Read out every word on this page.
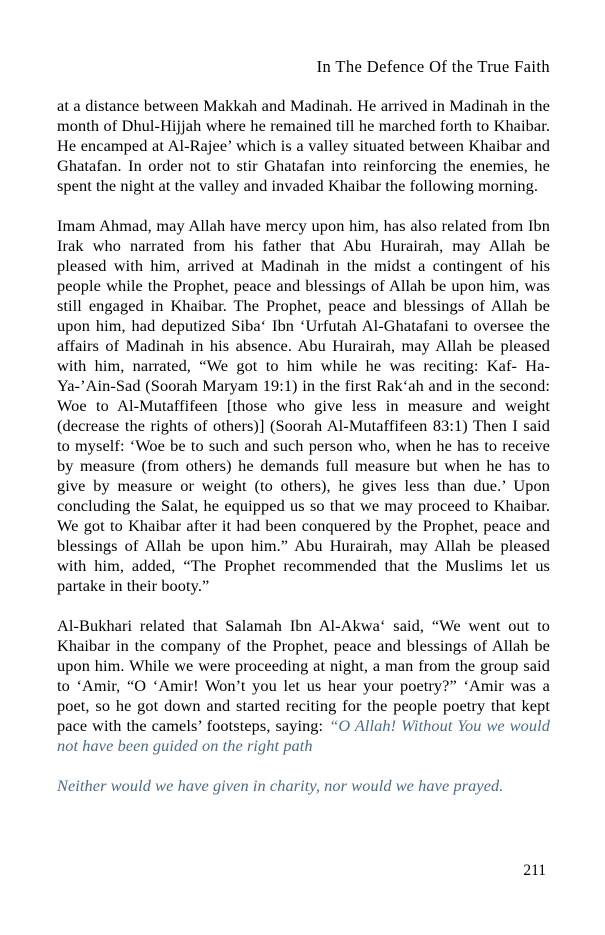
In The Defence Of the True Faith

at a distance between Makkah and Madinah. He arrived in Madinah in the month of Dhul-Hijjah where he remained till he marched forth to Khaibar. He encamped at Al-Rajee’ which is a valley situated between Khaibar and Ghatafan. In order not to stir Ghatafan into reinforcing the enemies, he spent the night at the valley and invaded Khaibar the following morning.

Imam Ahmad, may Allah have mercy upon him, has also related from Ibn Irak who narrated from his father that Abu Hurairah, may Allah be pleased with him, arrived at Madinah in the midst a contingent of his people while the Prophet, peace and blessings of Allah be upon him, was still engaged in Khaibar. The Prophet, peace and blessings of Allah be upon him, had deputized Siba‘ Ibn ‘Urfutah Al-Ghatafani to oversee the affairs of Madinah in his absence. Abu Hurairah, may Allah be pleased with him, narrated, “We got to him while he was reciting: Kaf- Ha-Ya-’Ain-Sad (Soorah Maryam 19:1) in the first Rak‘ah and in the second: Woe to Al-Mutaffifeen [those who give less in measure and weight (decrease the rights of others)] (Soorah Al-Mutaffifeen 83:1) Then I said to myself: ‘Woe be to such and such person who, when he has to receive by measure (from others) he demands full measure but when he has to give by measure or weight (to others), he gives less than due.’ Upon concluding the Salat, he equipped us so that we may proceed to Khaibar. We got to Khaibar after it had been conquered by the Prophet, peace and blessings of Allah be upon him.” Abu Hurairah, may Allah be pleased with him, added, “The Prophet recommended that the Muslims let us partake in their booty.”

Al-Bukhari related that Salamah Ibn Al-Akwa‘ said, “We went out to Khaibar in the company of the Prophet, peace and blessings of Allah be upon him. While we were proceeding at night, a man from the group said to ‘Amir, “O ‘Amir! Won’t you let us hear your poetry?” ‘Amir was a poet, so he got down and started reciting for the people poetry that kept pace with the camels’ footsteps, saying: “O Allah! Without You we would not have been guided on the right path

Neither would we have given in charity, nor would we have prayed.

211
